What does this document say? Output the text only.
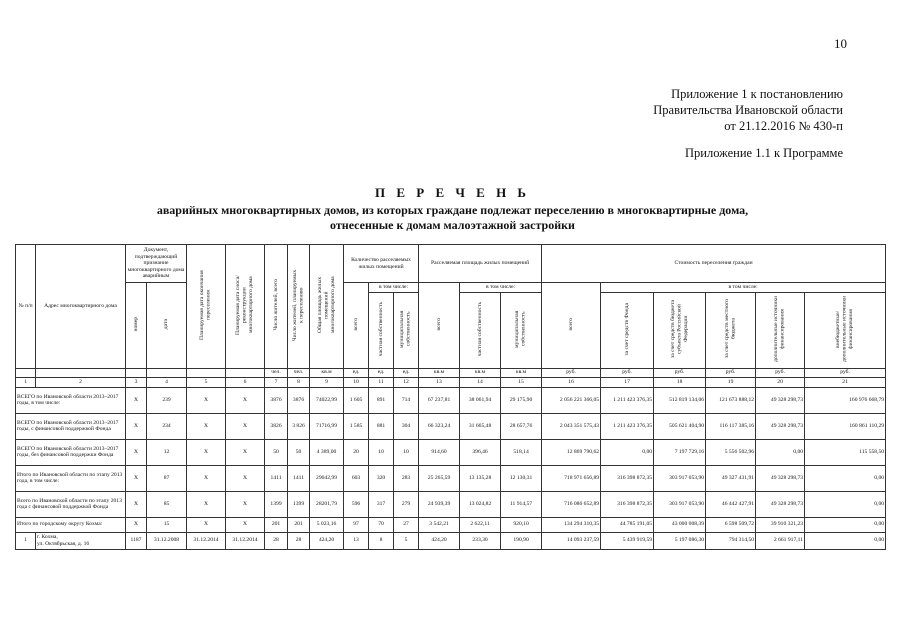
10
Приложение 1 к постановлению
Правительства Ивановской области
от 21.12.2016 № 430-п
Приложение 1.1 к Программе
П Е Р Е Ч Е Н Ь
аварийных многоквартирных домов, из которых граждане подлежат переселению в многоквартирные дома,
отнесенные к домам малоэтажной застройки
№ п/п	Адрес многоквартирного дома	Документ, подтверждающий признание многоквартирного дома аварийным		Планируемая дата окончания переселения	Планируемая дата сноса/реконструкции многоквартирного дома	Число жителей, всего	Число жителей, планируемых к переселению	Общая площадь жилых помещений многоквартирного дома	Количество расселяемых жилых помещений			Расселяемая площадь жилых помещений			Стоимость переселения граждан					
		номер	дата						всего	в том числе:		всего	в том числе:		всего	в том числе:				
										частная собственность	муниципальная собственность		частная собственность	муниципальная собственность		за счет средств Фонда	за счет средств бюджета субъекта Российской Федерации	за счет средств местного бюджета	дополнительные источники финансирования	внебюджетные/ дополнительные источники финансирования
						чел.	чел.	кв.м	ед.	ед.	ед.	кв.м	кв.м	кв.м	руб.	руб.	руб.	руб.	руб.	руб.
1	2	3	4	5	6	7	8	9	10	11	12	13	14	15	16	17	18	19	20	21
ВСЕГО по Ивановской области 2013–2017 годы, в том числе:		X	239	X	X	3876	3876	74022,99	1 605	891	714	67 237,81	38 061,94	29 175,90	2 056 221 366,05	1 211 423 376,35	512 819 134,06	121 673 888,12	49 328 298,73	160 976 668,79
ВСЕГО по Ивановской области 2013–2017 годы, с финансовой поддержкой Фонда		X	234	X	X	3826	3 826	71716,99	1 585	881	304	66 323,24	31 665,48	28 657,76	2 043 351 575,43	1 211 423 376,35	505 621 404,90	116 117 385,16	49 328 298,73	160 861 110,29
ВСЕГО по Ивановской области 2013–2017 годы, без финансовой поддержки Фонда		X	12	X	X	50	50	4 389,00	20	10	10	914,60	396,46	518,14	12 869 790,62	0,00	7 197 729,16	5 556 502,96	0,00	115 558,50
Итого по Ивановской области по этапу 2013 года, в том числе:		X	87	X	X	1411	1411	29042,99	603	320	283	25 265,59	13 135,28	12 130,31	718 971 656,89	316 398 872,35	303 917 053,90	49 327 431,91	49 328 298,73	0,00
Всего по Ивановской области по этапу 2013 года с финансовой поддержкой Фонда		X	85	X	X	1399	1399	28201,79	596	317	279	24 939,39	13 024,82	11 914,57	716 086 652,89	316 398 872,35	303 917 053,90	46 442 427,91	49 328 298,73	0,00
Итого по городскому округу Кохма:		X	15	X	X	201	201	5 023,16	97	70	27	3 542,21	2 622,11	920,10	134 294 310,35	44 785 191,05	43 000 008,39	6 598 509,72	39 910 321,23	0,00
1	г. Кохма,
ул. Октябрьская, д. 16	1187	31.12.2008	31.12.2014	31.12.2014	28	28	424,20	13	8	5	424,20	233,30	190,90	14 093 237,59	5 439 919,59	5 197 086,30	794 314,50	2 661 917,11	0,00
